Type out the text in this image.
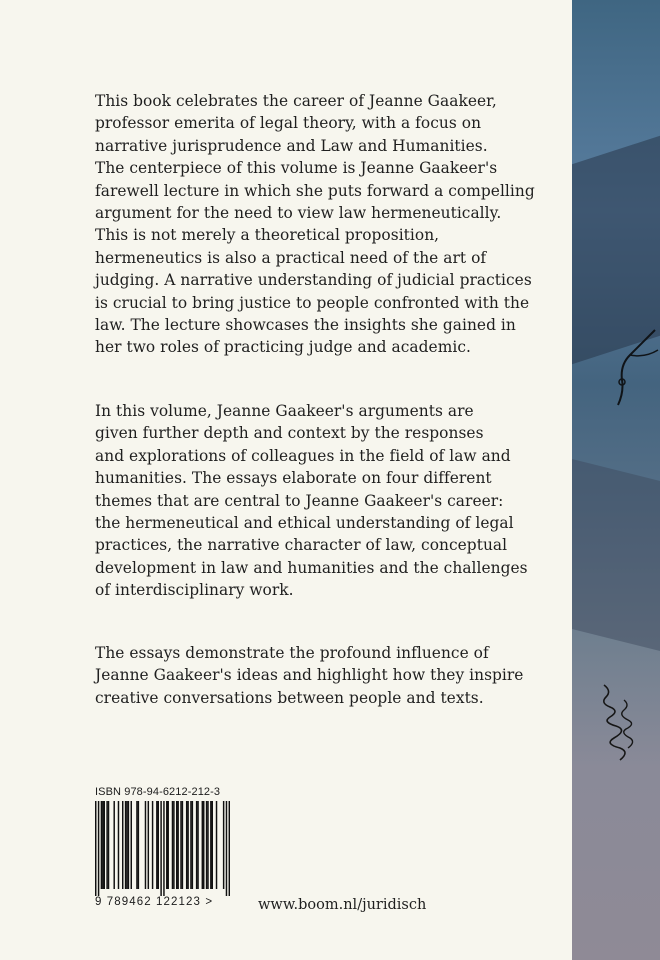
This book celebrates the career of Jeanne Gaakeer,
professor emerita of legal theory, with a focus on
narrative jurisprudence and Law and Humanities.
The centerpiece of this volume is Jeanne Gaakeer's
farewell lecture in which she puts forward a compelling
argument for the need to view law hermeneutically.
This is not merely a theoretical proposition,
hermeneutics is also a practical need of the art of
judging. A narrative understanding of judicial practices
is crucial to bring justice to people confronted with the
law. The lecture showcases the insights she gained in
her two roles of practicing judge and academic.

In this volume, Jeanne Gaakeer's arguments are
given further depth and context by the responses
and explorations of colleagues in the field of law and
humanities. The essays elaborate on four different
themes that are central to Jeanne Gaakeer's career:
the hermeneutical and ethical understanding of legal
practices, the narrative character of law, conceptual
development in law and humanities and the challenges
of interdisciplinary work.

The essays demonstrate the profound influence of
Jeanne Gaakeer's ideas and highlight how they inspire
creative conversations between people and texts.

ISBN 978-94-6212-212-3
9 789462 122123 >	www.boom.nl/juridisch
